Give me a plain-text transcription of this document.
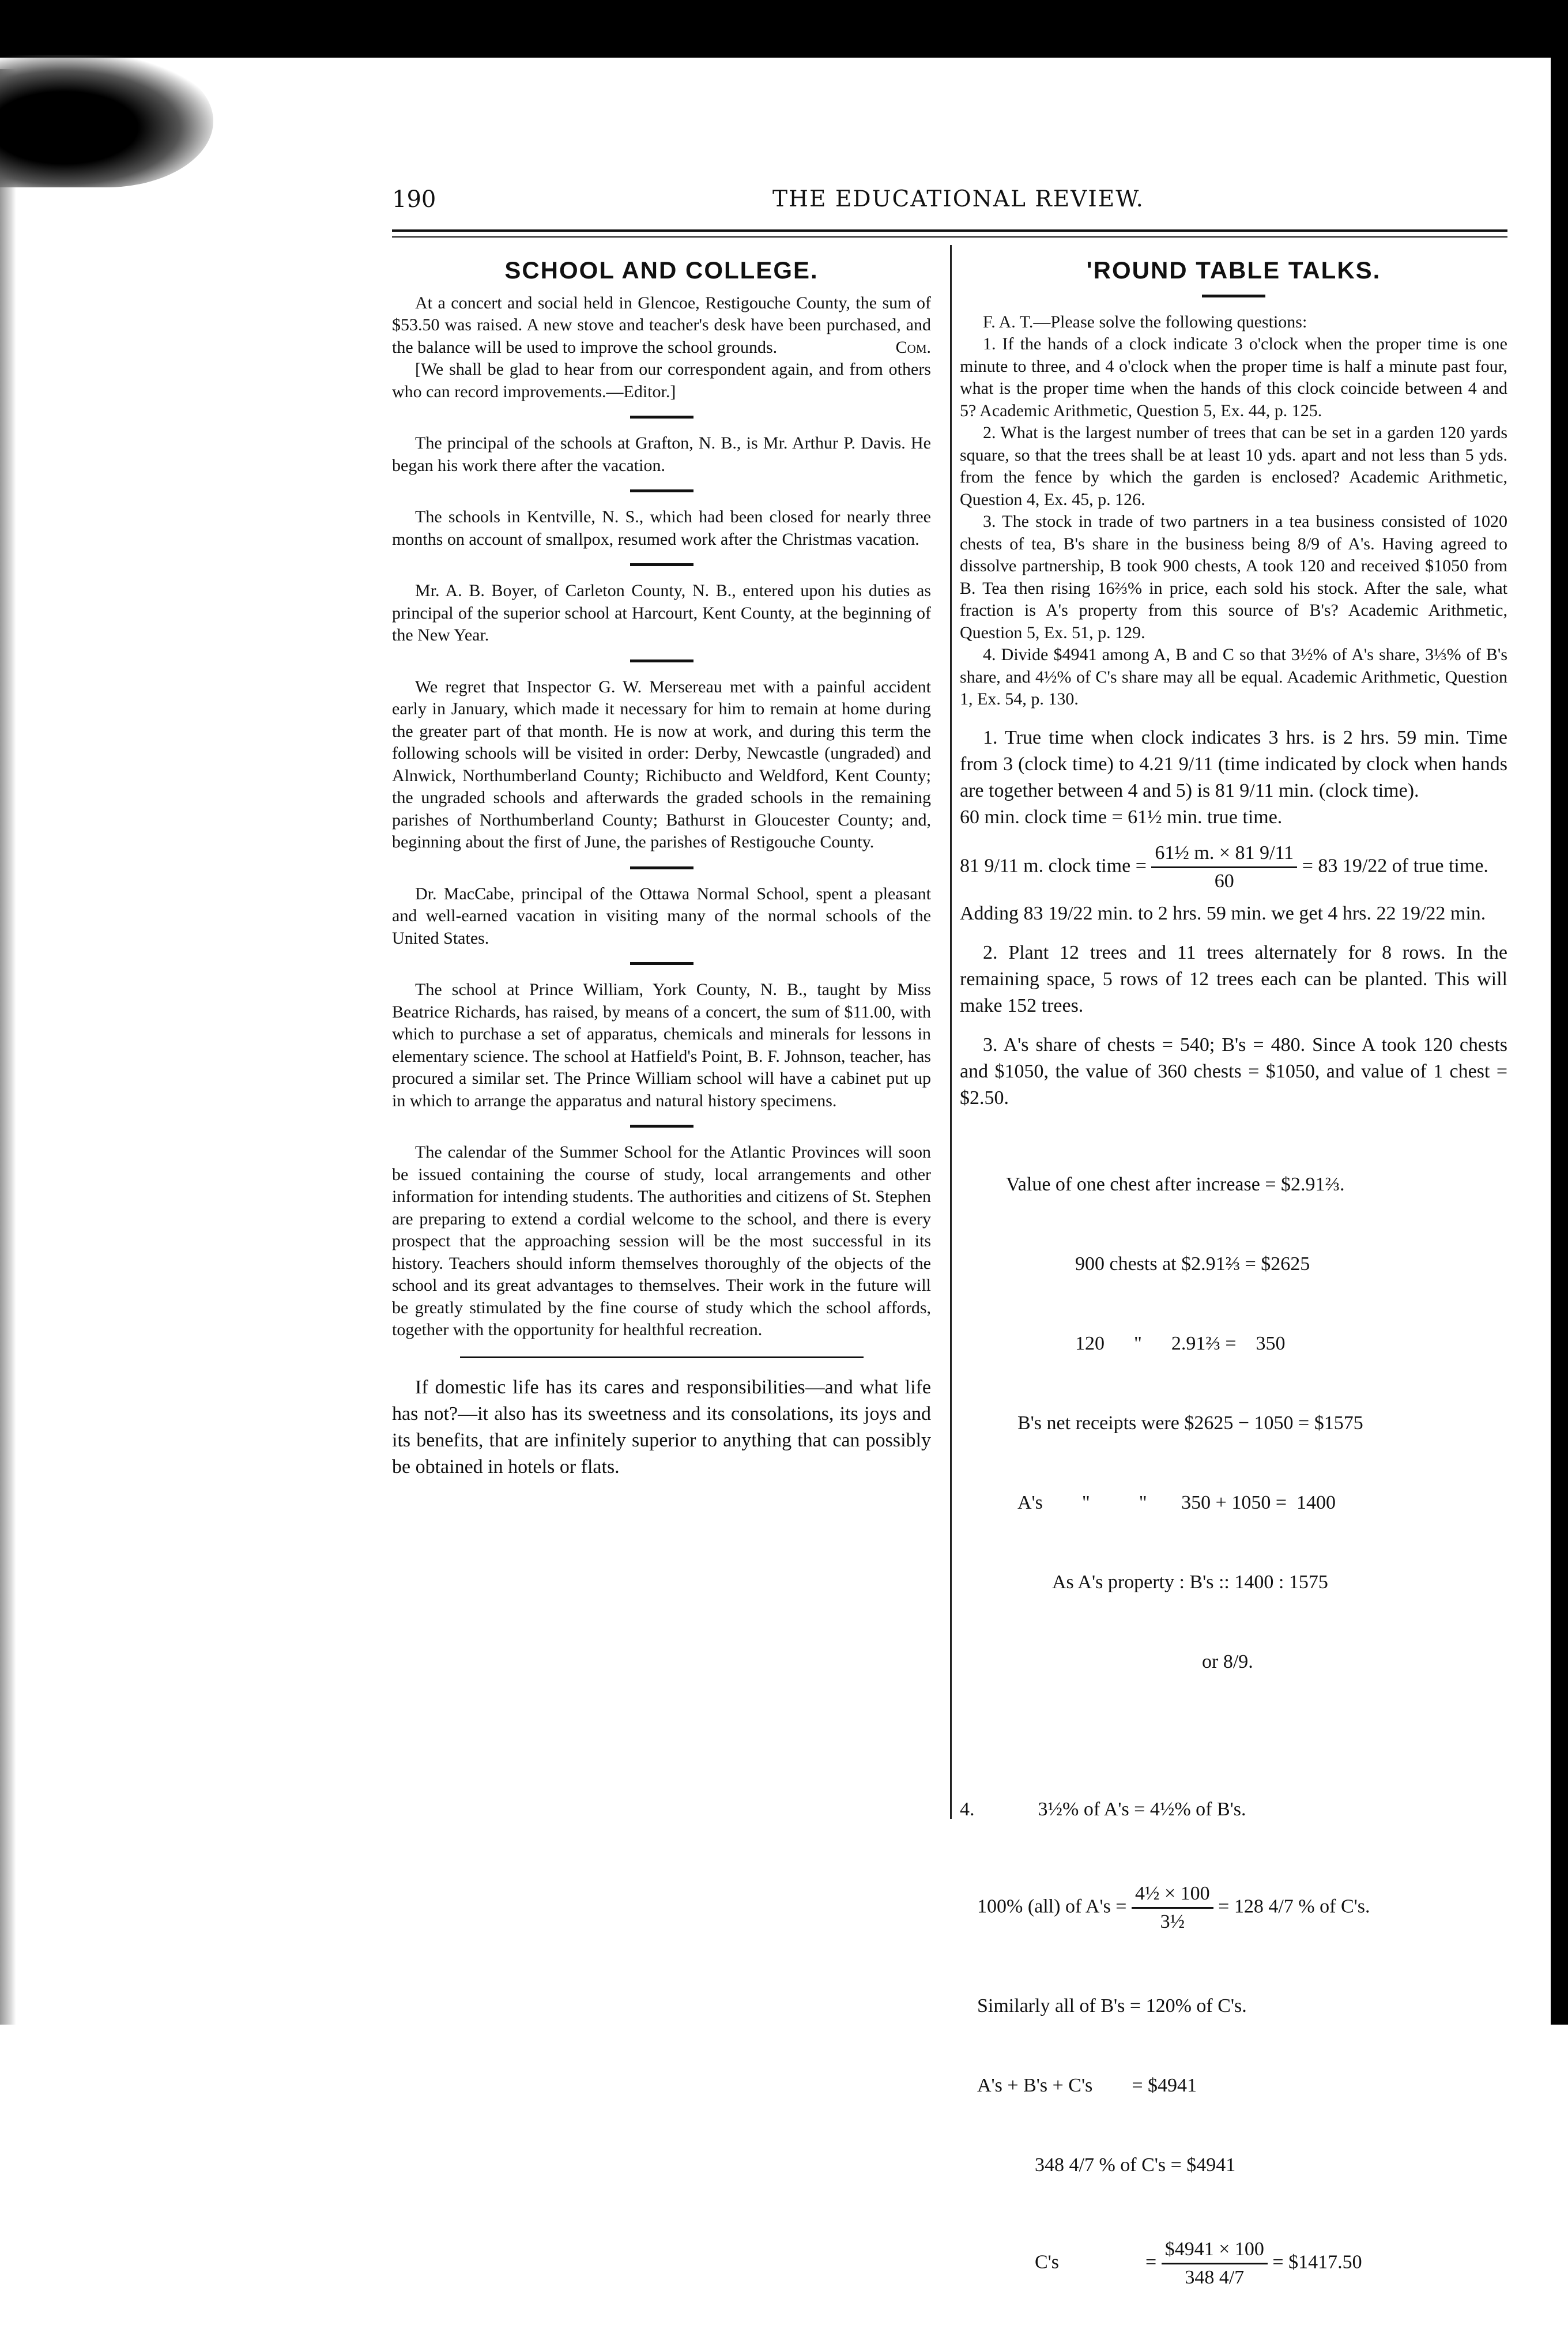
190	THE EDUCATIONAL REVIEW.
SCHOOL AND COLLEGE.

At a concert and social held in Glencoe, Restigouche County, the sum of $53.50 was raised. A new stove and teacher's desk have been purchased, and the balance will be used to improve the school grounds.	Com.

[We shall be glad to hear from our correspondent again, and from others who can record improvements.—Editor.]

The principal of the schools at Grafton, N. B., is Mr. Arthur P. Davis. He began his work there after the vacation.

The schools in Kentville, N. S., which had been closed for nearly three months on account of smallpox, resumed work after the Christmas vacation.

Mr. A. B. Boyer, of Carleton County, N. B., entered upon his duties as principal of the superior school at Harcourt, Kent County, at the beginning of the New Year.

We regret that Inspector G. W. Mersereau met with a painful accident early in January, which made it necessary for him to remain at home during the greater part of that month. He is now at work, and during this term the following schools will be visited in order: Derby, Newcastle (ungraded) and Alnwick, Northumberland County; Richibucto and Weldford, Kent County; the ungraded schools and afterwards the graded schools in the remaining parishes of Northumberland County; Bathurst in Gloucester County; and, beginning about the first of June, the parishes of Restigouche County.

Dr. MacCabe, principal of the Ottawa Normal School, spent a pleasant and well-earned vacation in visiting many of the normal schools of the United States.

The school at Prince William, York County, N. B., taught by Miss Beatrice Richards, has raised, by means of a concert, the sum of $11.00, with which to purchase a set of apparatus, chemicals and minerals for lessons in elementary science. The school at Hatfield's Point, B. F. Johnson, teacher, has procured a similar set. The Prince William school will have a cabinet put up in which to arrange the apparatus and natural history specimens.

The calendar of the Summer School for the Atlantic Provinces will soon be issued containing the course of study, local arrangements and other information for intending students. The authorities and citizens of St. Stephen are preparing to extend a cordial welcome to the school, and there is every prospect that the approaching session will be the most successful in its history. Teachers should inform themselves thoroughly of the objects of the school and its great advantages to themselves. Their work in the future will be greatly stimulated by the fine course of study which the school affords, together with the opportunity for healthful recreation.

If domestic life has its cares and responsibilities—and what life has not?—it also has its sweetness and its consolations, its joys and its benefits, that are infinitely superior to anything that can possibly be obtained in hotels or flats.

'ROUND TABLE TALKS.

F. A. T.—Please solve the following questions:

1. If the hands of a clock indicate 3 o'clock when the proper time is one minute to three, and 4 o'clock when the proper time is half a minute past four, what is the proper time when the hands of this clock coincide between 4 and 5? Academic Arithmetic, Question 5, Ex. 44, p. 125.

2. What is the largest number of trees that can be set in a garden 120 yards square, so that the trees shall be at least 10 yds. apart and not less than 5 yds. from the fence by which the garden is enclosed? Academic Arithmetic, Question 4, Ex. 45, p. 126.

3. The stock in trade of two partners in a tea business consisted of 1020 chests of tea, B's share in the business being 8/9 of A's. Having agreed to dissolve partnership, B took 900 chests, A took 120 and received $1050 from B. Tea then rising 16⅔% in price, each sold his stock. After the sale, what fraction is A's property from this source of B's? Academic Arithmetic, Question 5, Ex. 51, p. 129.

4. Divide $4941 among A, B and C so that 3½% of A's share, 3⅓% of B's share, and 4½% of C's share may all be equal. Academic Arithmetic, Question 1, Ex. 54, p. 130.

1. True time when clock indicates 3 hrs. is 2 hrs. 59 min. Time from 3 (clock time) to 4.21 9/11 (time indicated by clock when hands are together between 4 and 5) is 81 9/11 min. (clock time).

60 min. clock time = 61½ min. true time.

81 9/11 m. clock time = $\frac{\text{61½ m. × 81 9/11}}{60} = 83$ 19/22 of true time.

Adding 83 19/22 min. to 2 hrs. 59 min. we get 4 hrs. 22 19/22 min.

2. Plant 12 trees and 11 trees alternately for 8 rows. In the remaining space, 5 rows of 12 trees each can be planted. This will make 152 trees.

3. A's share of chests = 540; B's = 480. Since A took 120 chests and $1050, the value of 360 chests = $1050, and value of 1 chest = $2.50.

Value of one chest after increase = $2.91⅔.

900 chests at $2.91⅔ = $2625

120      "      2.91⅔ =    350

B's net receipts were $2625 − 1050 = $1575

A's        "          "       350 + 1050 =  1400

As A's property : B's :: 1400 : 1575

or 8/9.

4.	3½% of A's = 4½% of B's.

100% (all) of $A's = \frac{\text{4½ × 100}}{\text{3½}} = 128$ 4/7 % of C's.

Similarly all of B's = 120% of C's.

A's + B's + C's        = $4941

348 4/7 % of C's = $4941

C's	= $\frac{\$4941 \times 100}{348 4/7}$ = $1417.50
